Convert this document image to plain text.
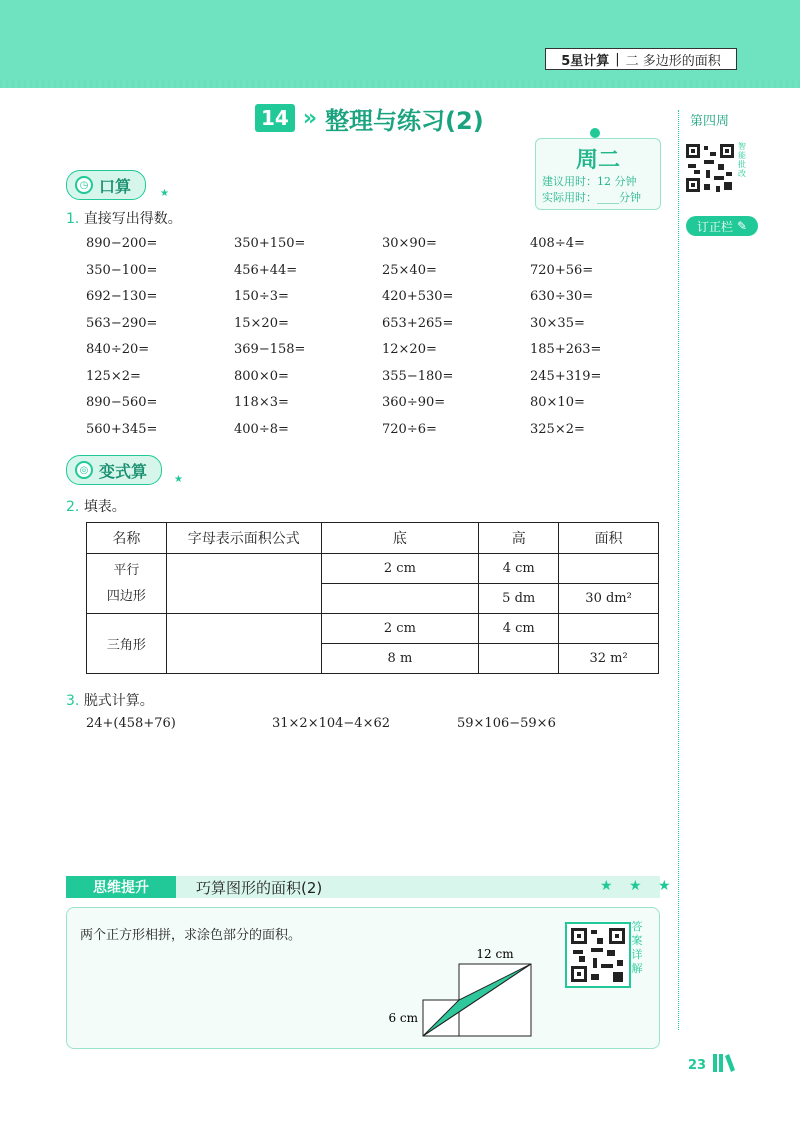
5星计算 | 二 多边形的面积
14 » 整理与练习(2)
周二
建议用时：12 分钟
实际用时：____分钟
第四周
智能批改
订正栏 ✎
◷ 口算	★
1. 直接写出得数。
890−200=	350+150=	30×90=	408÷4=
350−100=	456+44=	25×40=	720+56=
692−130=	150÷3=	420+530=	630÷30=
563−290=	15×20=	653+265=	30×35=
840÷20=	369−158=	12×20=	185+263=
125×2=	800×0=	355−180=	245+319=
890−560=	118×3=	360÷90=	80×10=
560+345=	400÷8=	720÷6=	325×2=
◎ 变式算	★
2. 填表。
名称	字母表示面积公式	底	高	面积

平行
四边形		2 cm	4 cm	
			5 dm	30 dm²
三角形		2 cm	4 cm	
		8 m		32 m²
3. 脱式计算。
24+(458+76)	31×2×104−4×62	59×106−59×6
思维提升	巧算图形的面积(2)	★ ★ ★
两个正方形相拼，求涂色部分的面积。
答案详解
12 cm
6 cm
23
